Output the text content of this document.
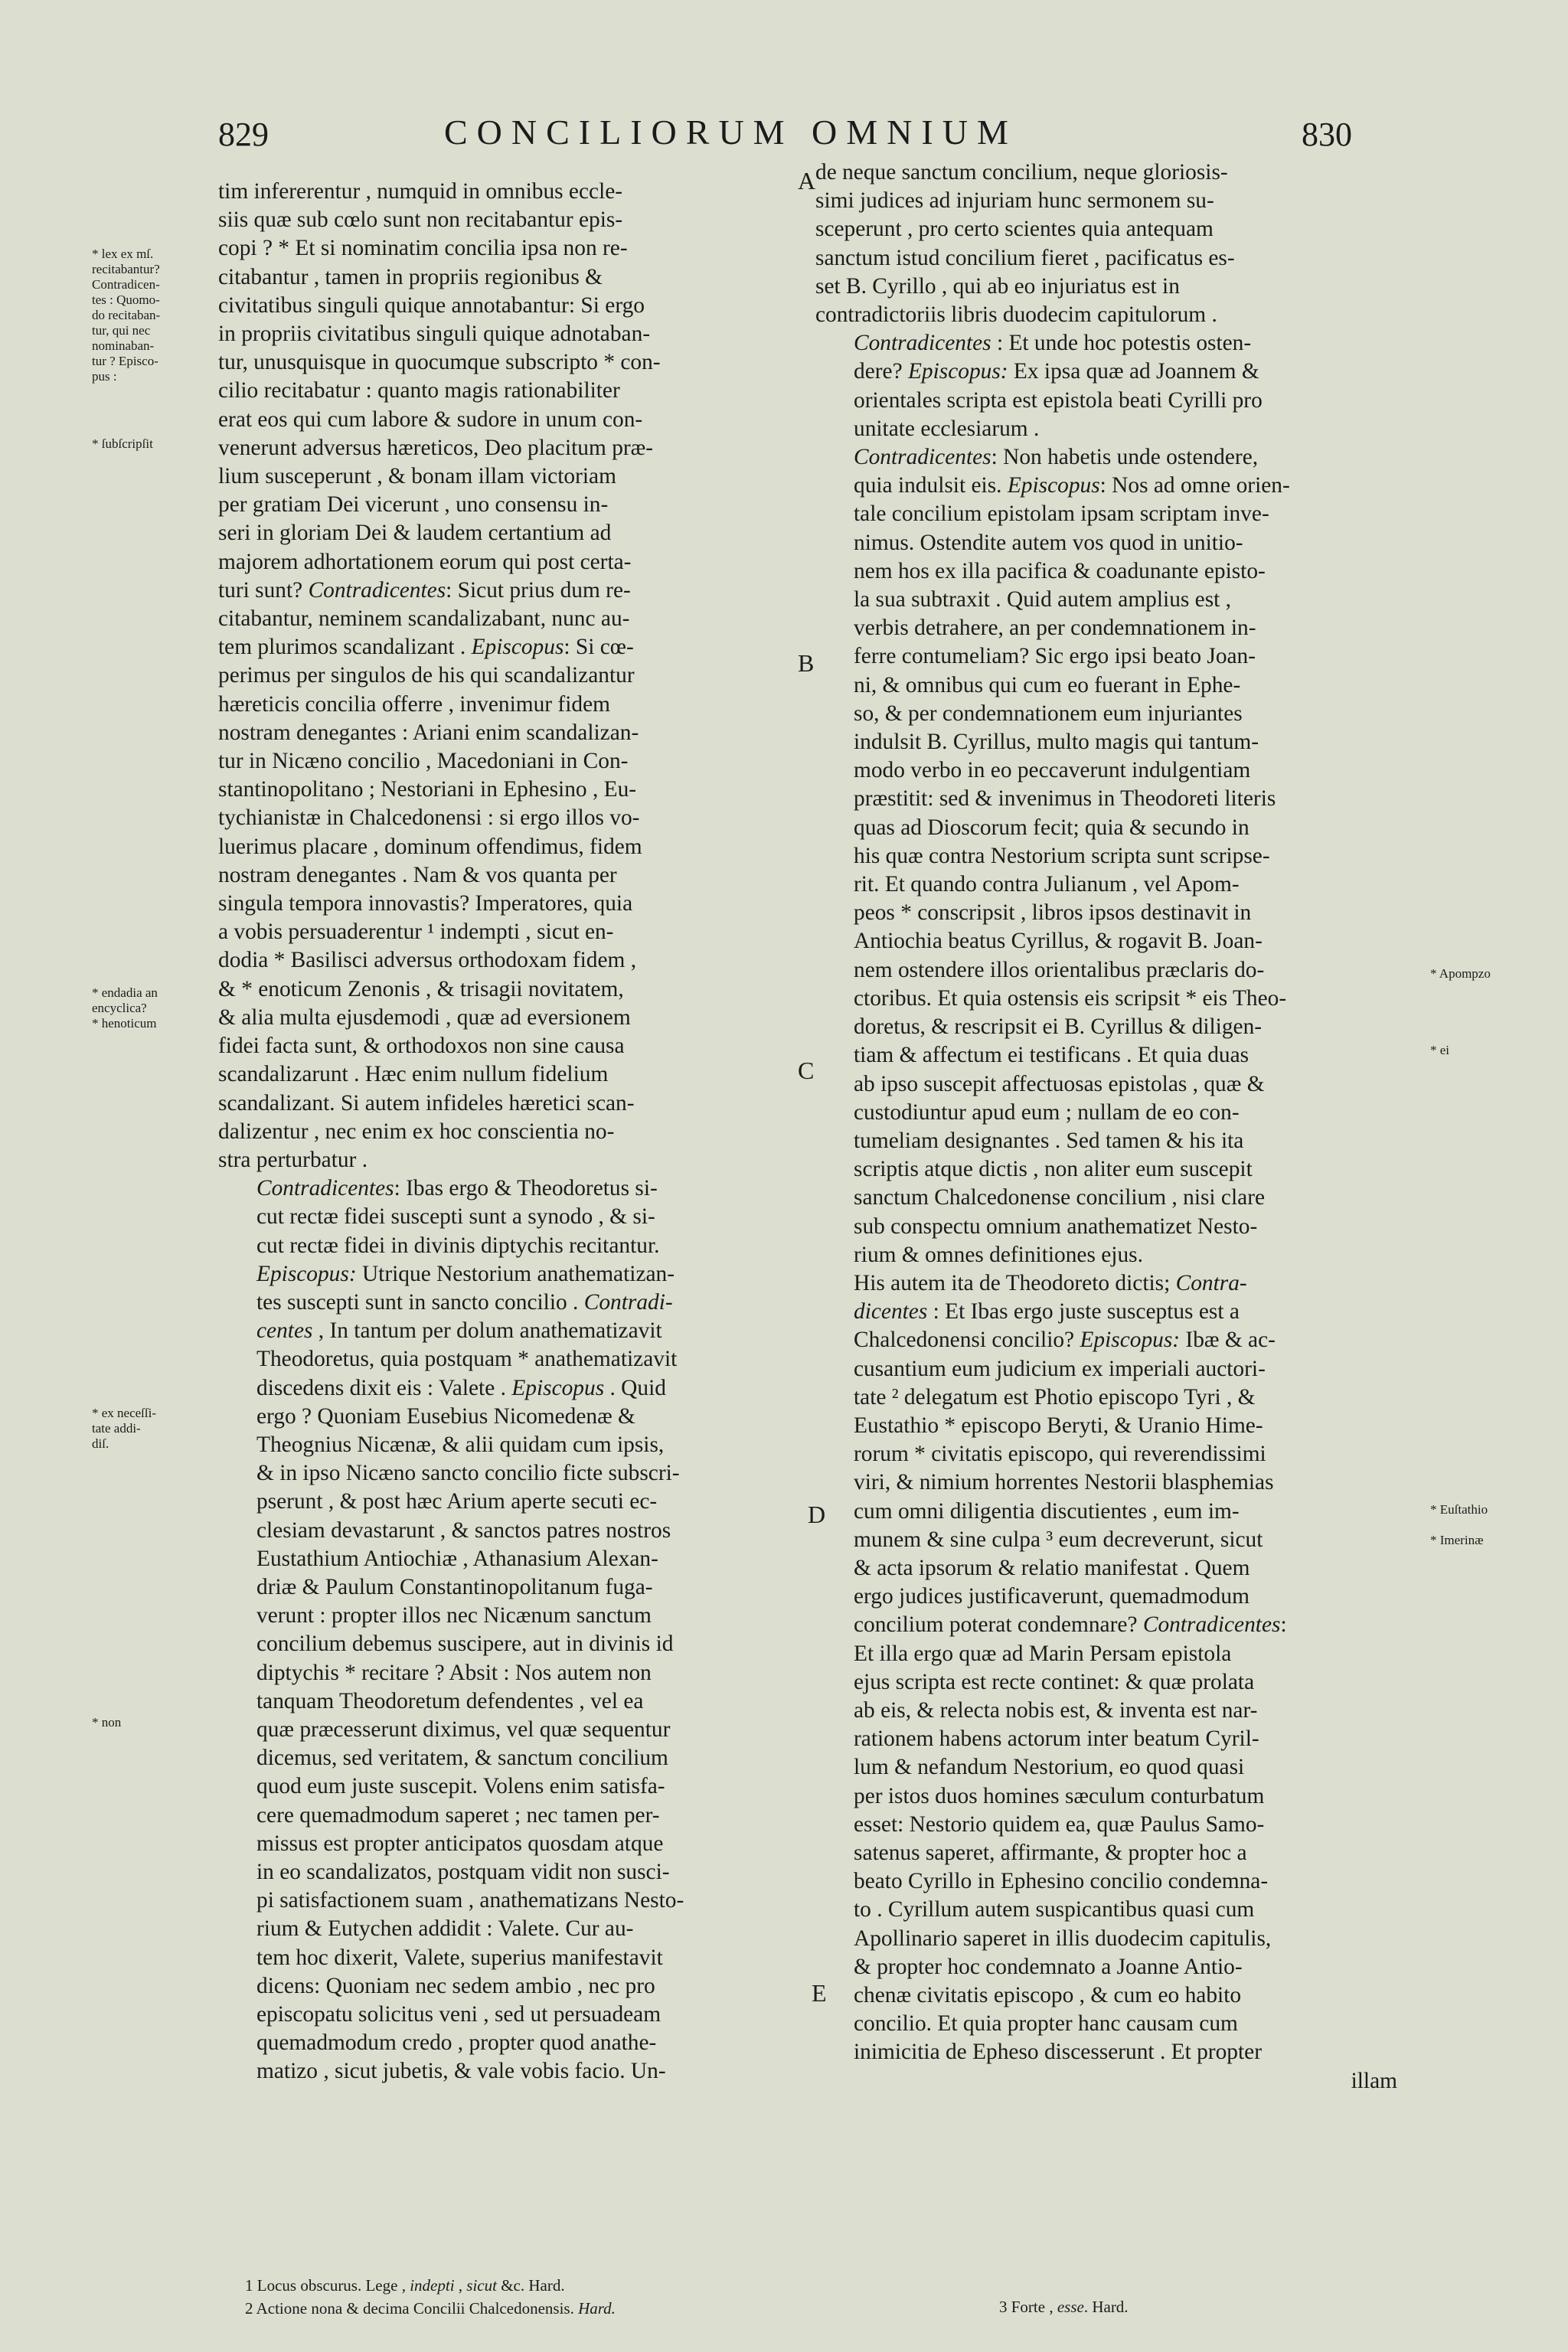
829	CONCILIORUM OMNIUM	830

tim infererentur , numquid in omnibus eccle-
siis quæ sub cœlo sunt non recitabantur epis-
copi ? * Et si nominatim concilia ipsa non re-
citabantur , tamen in propriis regionibus &
civitatibus singuli quique annotabantur: Si ergo
in propriis civitatibus singuli quique adnotaban-
tur, unusquisque in quocumque subscripto * con-
cilio recitabatur : quanto magis rationabiliter
erat eos qui cum labore & sudore in unum con-
venerunt adversus hæreticos, Deo placitum præ-
lium susceperunt , & bonam illam victoriam
per gratiam Dei vicerunt , uno consensu in-
seri in gloriam Dei & laudem certantium ad
majorem adhortationem eorum qui post certa-
turi sunt? Contradicentes: Sicut prius dum re-
citabantur, neminem scandalizabant, nunc au-
tem plurimos scandalizant . Episcopus: Si cœ-
perimus per singulos de his qui scandalizantur
hæreticis concilia offerre , invenimur fidem
nostram denegantes : Ariani enim scandalizan-
tur in Nicæno concilio , Macedoniani in Con-
stantinopolitano ; Nestoriani in Ephesino , Eu-
tychianistæ in Chalcedonensi : si ergo illos vo-
luerimus placare , dominum offendimus, fidem
nostram denegantes . Nam & vos quanta per
singula tempora innovastis? Imperatores, quia
a vobis persuaderentur ¹ indempti , sicut en-
dodia * Basilisci adversus orthodoxam fidem ,
& * enoticum Zenonis , & trisagii novitatem,
& alia multa ejusdemodi , quæ ad eversionem
fidei facta sunt, & orthodoxos non sine causa
scandalizarunt . Hæc enim nullum fidelium
scandalizant. Si autem infideles hæretici scan-
dalizentur , nec enim ex hoc conscientia no-
stra perturbatur .

Contradicentes: Ibas ergo & Theodoretus si-
cut rectæ fidei suscepti sunt a synodo , & si-
cut rectæ fidei in divinis diptychis recitantur.
Episcopus: Utrique Nestorium anathematizan-
tes suscepti sunt in sancto concilio . Contradi-
centes , In tantum per dolum anathematizavit
Theodoretus, quia postquam * anathematizavit
discedens dixit eis : Valete . Episcopus . Quid
ergo ? Quoniam Eusebius Nicomedenæ &
Theognius Nicænæ, & alii quidam cum ipsis,
& in ipso Nicæno sancto concilio ficte subscri-
pserunt , & post hæc Arium aperte secuti ec-
clesiam devastarunt , & sanctos patres nostros
Eustathium Antiochiæ , Athanasium Alexan-
driæ & Paulum Constantinopolitanum fuga-
verunt : propter illos nec Nicænum sanctum
concilium debemus suscipere, aut in divinis id
diptychis * recitare ? Absit : Nos autem non
tanquam Theodoretum defendentes , vel ea
quæ præcesserunt diximus, vel quæ sequentur
dicemus, sed veritatem, & sanctum concilium
quod eum juste suscepit. Volens enim satisfa-
cere quemadmodum saperet ; nec tamen per-
missus est propter anticipatos quosdam atque
in eo scandalizatos, postquam vidit non susci-
pi satisfactionem suam , anathematizans Nesto-
rium & Eutychen addidit : Valete. Cur au-
tem hoc dixerit, Valete, superius manifestavit
dicens: Quoniam nec sedem ambio , nec pro
episcopatu solicitus veni , sed ut persuadeam
quemadmodum credo , propter quod anathe-
matizo , sicut jubetis, & vale vobis facio. Un-

de neque sanctum concilium, neque gloriosis-
simi judices ad injuriam hunc sermonem su-
sceperunt , pro certo scientes quia antequam
sanctum istud concilium fieret , pacificatus es-
set B. Cyrillo , qui ab eo injuriatus est in
contradictoriis libris duodecim capitulorum .

Contradicentes : Et unde hoc potestis osten-
dere? Episcopus: Ex ipsa quæ ad Joannem &
orientales scripta est epistola beati Cyrilli pro
unitate ecclesiarum .

Contradicentes: Non habetis unde ostendere,
quia indulsit eis. Episcopus: Nos ad omne orien-
tale concilium epistolam ipsam scriptam inve-
nimus. Ostendite autem vos quod in unitio-
nem hos ex illa pacifica & coadunante episto-
la sua subtraxit . Quid autem amplius est ,
verbis detrahere, an per condemnationem in-
ferre contumeliam? Sic ergo ipsi beato Joan-
ni, & omnibus qui cum eo fuerant in Ephe-
so, & per condemnationem eum injuriantes
indulsit B. Cyrillus, multo magis qui tantum-
modo verbo in eo peccaverunt indulgentiam
præstitit: sed & invenimus in Theodoreti literis
quas ad Dioscorum fecit; quia & secundo in
his quæ contra Nestorium scripta sunt scripse-
rit. Et quando contra Julianum , vel Apom-
peos * conscripsit , libros ipsos destinavit in
Antiochia beatus Cyrillus, & rogavit B. Joan-
nem ostendere illos orientalibus præclaris do-
ctoribus. Et quia ostensis eis scripsit * eis Theo-
doretus, & rescripsit ei B. Cyrillus & diligen-
tiam & affectum ei testificans . Et quia duas
ab ipso suscepit affectuosas epistolas , quæ &
custodiuntur apud eum ; nullam de eo con-
tumeliam designantes . Sed tamen & his ita
scriptis atque dictis , non aliter eum suscepit
sanctum Chalcedonense concilium , nisi clare
sub conspectu omnium anathematizet Nesto-
rium & omnes definitiones ejus.

His autem ita de Theodoreto dictis; Contra-
dicentes : Et Ibas ergo juste susceptus est a
Chalcedonensi concilio? Episcopus: Ibæ & ac-
cusantium eum judicium ex imperiali auctori-
tate ² delegatum est Photio episcopo Tyri , &
Eustathio * episcopo Beryti, & Uranio Hime-
rorum * civitatis episcopo, qui reverendissimi
viri, & nimium horrentes Nestorii blasphemias
cum omni diligentia discutientes , eum im-
munem & sine culpa ³ eum decreverunt, sicut
& acta ipsorum & relatio manifestat . Quem
ergo judices justificaverunt, quemadmodum
concilium poterat condemnare? Contradicentes:
Et illa ergo quæ ad Marin Persam epistola
ejus scripta est recte continet: & quæ prolata
ab eis, & relecta nobis est, & inventa est nar-
rationem habens actorum inter beatum Cyril-
lum & nefandum Nestorium, eo quod quasi
per istos duos homines sæculum conturbatum
esset: Nestorio quidem ea, quæ Paulus Samo-
satenus saperet, affirmante, & propter hoc a
beato Cyrillo in Ephesino concilio condemna-
to . Cyrillum autem suspicantibus quasi cum
Apollinario saperet in illis duodecim capitulis,
& propter hoc condemnato a Joanne Antio-
chenæ civitatis episcopo , & cum eo habito
concilio. Et quia propter hanc causam cum
inimicitia de Epheso discesserunt . Et propter

illam

A
B
C
D
E
* lex ex mſ.
recitabantur?
Contradicen-
tes : Quomo-
do recitaban-
tur, qui nec
nominaban-
tur ? Episco-
pus :
* ſubſcripſit
* endadia an
encyclica?
* henoticum
* ex neceſſi-
tate addi-
diſ.
* non
* Apompzo
* ei
* Euſtathio
* Imerinæ
1 Locus obscurus. Lege , indepti , sicut &c. Hard.
2 Actione nona & decima Concilii Chalcedonensis. Hard.	3 Forte , esse. Hard.
